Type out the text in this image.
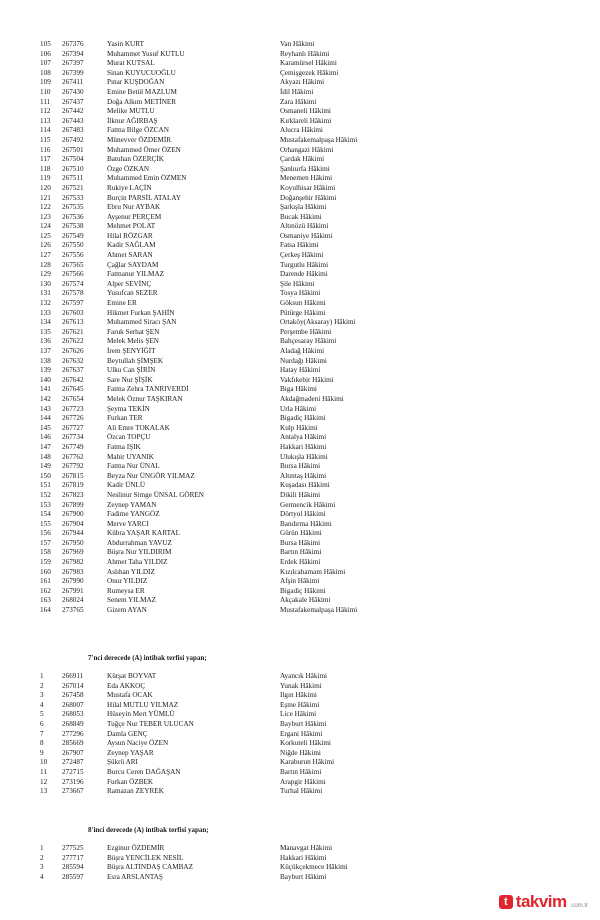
105	267376	Yasin KURT	Van Hâkimi
106	267394	Muhammet Yusuf KUTLU	Reyhanlı Hâkimi
107	267397	Murat KUTSAL	Karamürsel Hâkimi
108	267399	Sinan KUYUCUOĞLU	Çemişgezek Hâkimi
109	267411	Pınar KUŞDOĞAN	Akyazı Hâkimi
110	267430	Emine Betül MAZLUM	İdil Hâkimi
111	267437	Doğa Alkım METİNER	Zara Hâkimi
112	267442	Melike MUTLU	Osmaneli Hâkimi
113	267443	İlknur AĞIRBAŞ	Kırklareli Hâkimi
114	267483	Fatma Bilge ÖZCAN	Alucra Hâkimi
115	267492	Münevver ÖZDEMİR	Mustafakemalpaşa Hâkimi
116	267501	Muhammed Ömer ÖZEN	Orhangazi Hâkimi
117	267504	Batuhan ÖZERÇİK	Çardak Hâkimi
118	267510	Özge ÖZKAN	Şanlıurfa Hâkimi
119	267511	Muhammed Emin ÖZMEN	Menemen Hâkimi
120	267521	Rukiye LAÇİN	Koyulhisar Hâkimi
121	267533	Burçin PARSİL ATALAY	Doğanşehir Hâkimi
122	267535	Ebru Nur AYBAK	Şarkışla Hâkimi
123	267536	Ayşenur PERÇEM	Bucak Hâkimi
124	267538	Mehmet POLAT	Altınözü Hâkimi
125	267549	Hilal RÖZGAR	Osmaniye Hâkimi
126	267550	Kadir SAĞLAM	Fatsa Hâkimi
127	267556	Ahmet SARAN	Çerkeş Hâkimi
128	267565	Çağlar SAYDAM	Turgutlu Hâkimi
129	267566	Fatmanur YILMAZ	Darende Hâkimi
130	267574	Alper SEVİNÇ	Şile Hâkimi
131	267578	Yusufcan SEZER	Tosya Hâkimi
132	267597	Emine ER	Göksun Hâkimi
133	267603	Hikmet Furkan ŞAHİN	Pütürge Hâkimi
134	267613	Muhammed Siracı ŞAN	Ortaköy(Aksaray) Hâkimi
135	267621	Faruk Serhat ŞEN	Perşembe Hâkimi
136	267622	Melek Melis ŞEN	Bahçesaray Hâkimi
137	267626	İrem ŞENYİĞİT	Aladağ Hâkimi
138	267632	Beytullah ŞİMŞEK	Nurdağı Hâkimi
139	267637	Ulku Can ŞİRİN	Hatay Hâkimi
140	267642	Sare Nur ŞİŞİK	Vakfıkebir Hâkimi
141	267645	Fatma Zehra TANRIVERDİ	Biga Hâkimi
142	267654	Melek Öznur TAŞKIRAN	Akdağmadeni Hâkimi
143	267723	Şeyma TEKİN	Urla Hâkimi
144	267726	Furkan TER	Bigadiç Hâkimi
145	267727	Ali Emre TOKALAK	Kulp Hâkimi
146	267734	Özcan TOPÇU	Antalya Hâkimi
147	267749	Fatma IŞIK	Hakkari Hâkimi
148	267762	Mahir UYANIK	Ulukışla Hâkimi
149	267792	Fatma Nur ÜNAL	Bursa Hâkimi
150	267815	Beyza Nur ÜNGÖR YILMAZ	Altıntaş Hâkimi
151	267819	Kadir ÜNLÜ	Kuşadası Hâkimi
152	267823	Neslinur Simge ÜNSAL GÖREN	Dikili Hâkimi
153	267899	Zeynep YAMAN	Germencik Hâkimi
154	267900	Fadime YANGÖZ	Dörtyol Hâkimi
155	267904	Merve YARCI	Bandırma Hâkimi
156	267944	Kübra YAŞAR KARTAL	Gürün Hâkimi
157	267950	Abdurrahman YAVUZ	Bursa Hâkimi
158	267969	Büşra Nur YILDIRIM	Bartın Hâkimi
159	267982	Ahmet Taha YILDIZ	Erdek Hâkimi
160	267983	Aslıhan YILDIZ	Kızılcahamam Hâkimi
161	267990	Onur YILDIZ	Afşin Hâkimi
162	267991	Rumeysa ER	Bigadiç Hâkimi
163	268024	Senem YILMAZ	Akçakale Hâkimi
164	273765	Gizem AYAN	Mustafakemalpaşa Hâkimi
7'nci derecede (A) intibak terfisi yapan;
1	266911	Kürşat BOYVAT	Ayancık Hâkimi
2	267014	Eda AKKOÇ	Yunak Hâkimi
3	267458	Mustafa OCAK	Ilgın Hâkimi
4	268007	Hilal MUTLU YILMAZ	Eşme Hâkimi
5	268053	Hüseyin Mert YÜMLÜ	Lice Hâkimi
6	268849	Tuğçe Nur TEBER ULUCAN	Bayburt Hâkimi
7	277296	Damla GENÇ	Ergani Hâkimi
8	285669	Aysun Naciye ÖZEN	Korkuteli Hâkimi
9	267907	Zeynep YAŞAR	Niğde Hâkimi
10	272487	Şükrü ARI	Karaburun Hâkimi
11	272715	Burcu Ceren DAĞAŞAN	Bartın Hâkimi
12	273196	Furkan ÖZBEK	Arapgir Hâkimi
13	273667	Ramazan ZEYREK	Turhal Hâkimi
8'inci derecede (A) intibak terfisi yapan;
1	277525	Ezginur ÖZDEMİR	Manavgat Hâkimi
2	277717	Büşra YENCİLEK NESİL	Hakkari Hâkimi
3	285594	Büşra ALTINDAŞ CAMBAZ	Küçükçekmece Hâkimi
4	285597	Esra ARSLANTAŞ	Bayburt Hâkimi
t takvim .com.tr
